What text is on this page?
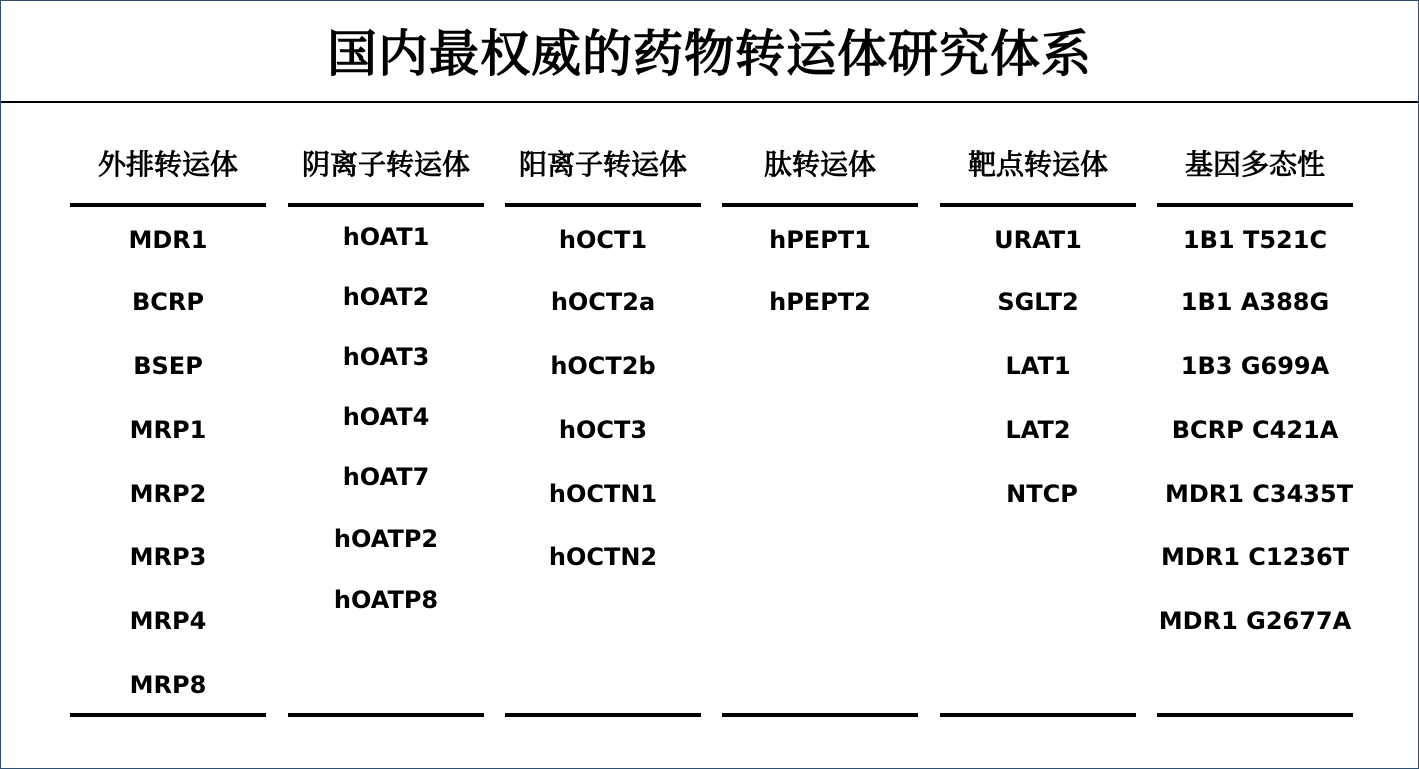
国内最权威的药物转运体研究体系
外排转运体
MDR1
BCRP
BSEP
MRP1
MRP2
MRP3
MRP4
MRP8
阴离子转运体
hOAT1
hOAT2
hOAT3
hOAT4
hOAT7
hOATP2
hOATP8
阳离子转运体
hOCT1
hOCT2a
hOCT2b
hOCT3
hOCTN1
hOCTN2
肽转运体
hPEPT1
hPEPT2
靶点转运体
URAT1
SGLT2
LAT1
LAT2
NTCP
基因多态性
1B1 T521C
1B1 A388G
1B3 G699A
BCRP C421A
MDR1 C3435T
MDR1 C1236T
MDR1 G2677A
